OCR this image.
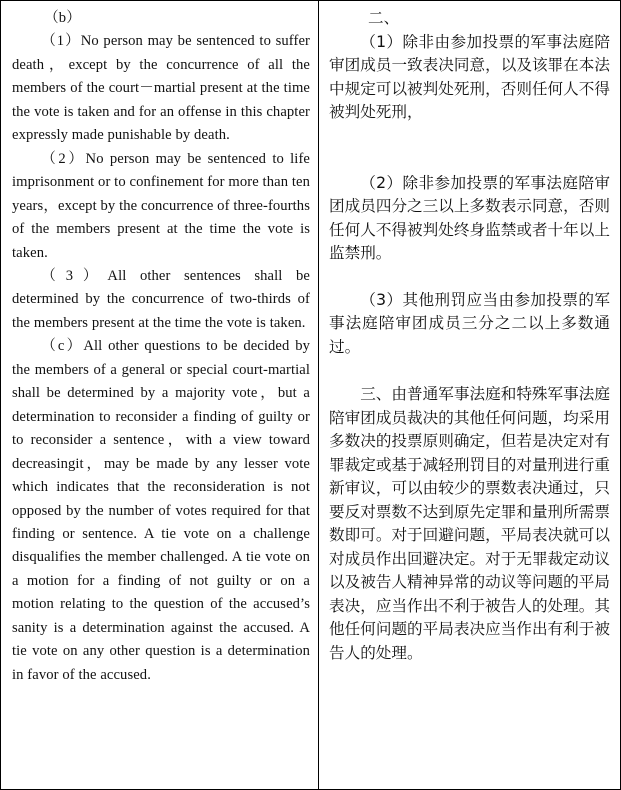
（b）

（1）No person may be sentenced to suffer death，except by the concurrence of all the members of the court－martial present at the time the vote is taken and for an offense in this chapter expressly made punishable by death.

（2）No person may be sentenced to life imprisonment or to confinement for more than ten years，except by the concurrence of three-fourths of the members present at the time the vote is taken.

（3）All other sentences shall be determined by the concurrence of two-thirds of the members present at the time the vote is taken.

（c）All other questions to be decided by the members of a general or special court-martial shall be determined by a majority vote，but a determination to reconsider a finding of guilty or to reconsider a sentence，with a view toward decreasingit，may be made by any lesser vote which indicates that the reconsideration is not opposed by the number of votes required for that finding or sentence. A tie vote on a challenge disqualifies the member challenged. A tie vote on a motion for a finding of not guilty or on a motion relating to the question of the accused’s sanity is a determination against the accused. A tie vote on any other question is a determination in favor of the accused.

二、

（1）除非由参加投票的军事法庭陪审团成员一致表决同意，以及该罪在本法中规定可以被判处死刑，否则任何人不得被判处死刑，

（2）除非参加投票的军事法庭陪审团成员四分之三以上多数表示同意，否则任何人不得被判处终身监禁或者十年以上监禁刑。

（3）其他刑罚应当由参加投票的军事法庭陪审团成员三分之二以上多数通过。

三、由普通军事法庭和特殊军事法庭陪审团成员裁决的其他任何问题，均采用多数决的投票原则确定，但若是决定对有罪裁定或基于减轻刑罚目的对量刑进行重新审议，可以由较少的票数表决通过，只要反对票数不达到原先定罪和量刑所需票数即可。对于回避问题，平局表决就可以对成员作出回避决定。对于无罪裁定动议以及被告人精神异常的动议等问题的平局表决，应当作出不利于被告人的处理。其他任何问题的平局表决应当作出有利于被告人的处理。
